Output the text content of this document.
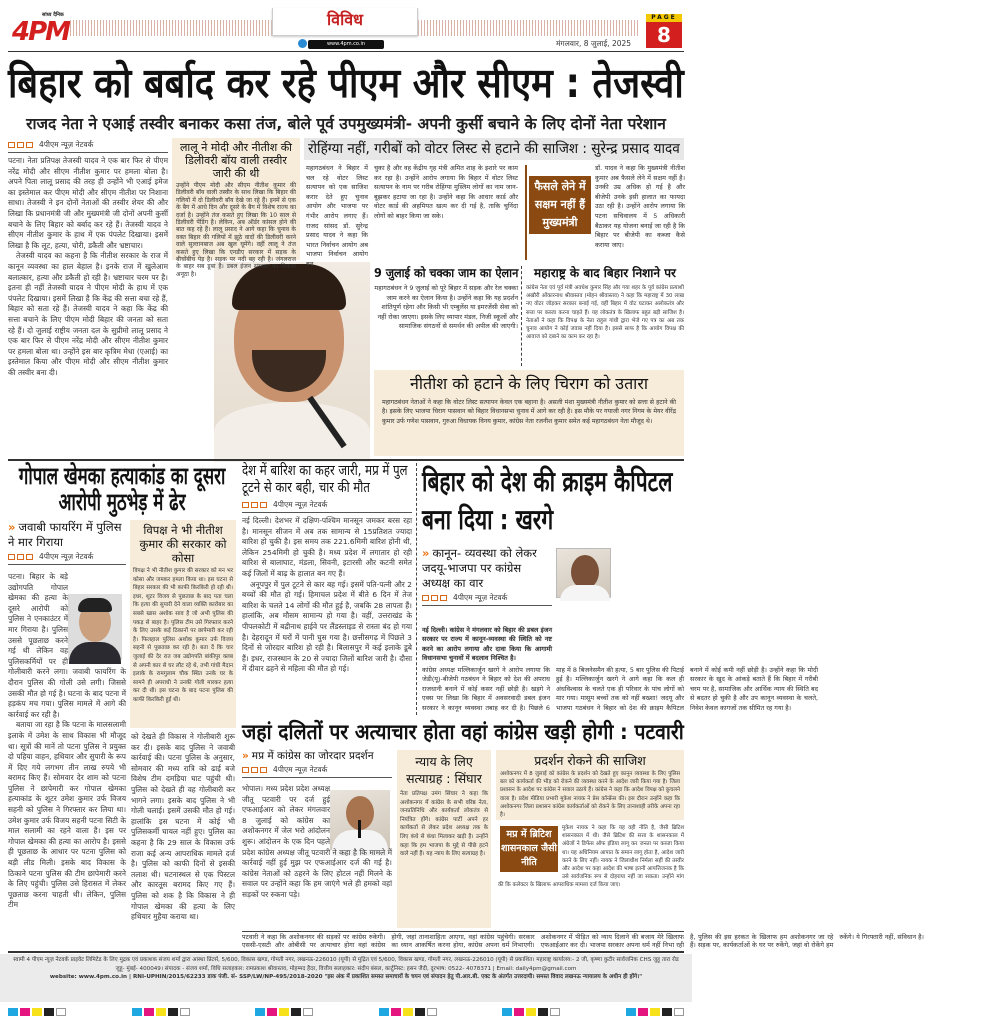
सांध्य दैनिक
4PM	विविध
www.4pm.co.in	मंगलवार, 8 जुलाई, 2025
PAGE
8
बिहार को बर्बाद कर रहे पीएम और सीएम : तेजस्वी
राजद नेता ने एआई तस्वीर बनाकर कसा तंज, बोले पूर्व उपमुख्यमंत्री- अपनी कुर्सी बचाने के लिए दोनों नेता परेशान
4पीएम न्यूज़ नेटवर्क

पटना। नेता प्रतिपक्ष तेजस्वी यादव ने एक बार फिर से पीएम नरेंद्र मोदी और सीएम नीतीश कुमार पर हमला बोला है। अपने पिता लालू प्रसाद की तरह ही उन्होंने भी एआई इमेज का इस्तेमाल कर पीएम मोदी और सीएम नीतीश पर निशाना साधा। तेजस्वी ने इन दोनों नेताओं की तस्वीर शेयर की और लिखा कि प्रधानमंत्री जी और मुख्यमंत्री जी दोनों अपनी कुर्सी बचाने के लिए बिहार को बर्बाद कर रहे हैं। तेजस्वी यादव ने सीएम नीतीश कुमार के हाथ में एक पंपलेट दिखाया। इसमें लिखा है कि लूट, हत्या, चोरी, डकैती और भ्रष्टाचार।

तेजस्वी यादव का कहना है कि नीतीश सरकार के राज में कानून व्यवस्था का हाल बेहाल है। इनके राज में खुलेआम बलात्कार, हत्या और डकैती हो रही है। भ्रष्टाचार चरम पर है। इतना ही नहीं तेजस्वी यादव ने पीएम मोदी के हाथ में एक पंपलेट दिखाया। इसमें लिखा है कि केंद्र की सत्ता बचा रहे हैं, बिहार को सता रहे हैं। तेजस्वी यादव ने कहा कि केंद्र की सत्ता बचाने के लिए पीएम मोदी बिहार की जनता को सता रहे हैं। दो जुलाई राष्ट्रीय जनता दल के सुप्रीमो लालू प्रसाद ने एक बार फिर से पीएम नरेंद्र मोदी और सीएम नीतीश कुमार पर हमला बोला था। उन्होंने इस बार कृत्रिम मेधा (एआई) का इस्तेमाल किया और पीएम मोदी और सीएम नीतीश कुमार की तस्वीर बना दी।

लालू ने मोदी और नीतीश की डिलीवरी बॉय वाली तस्वीर जारी की थी
उन्होंने पीएम मोदी और सीएम नीतीश कुमार की डिलीवरी बॉय वाली तस्वीर के साथ लिखा कि बिहार की गलियों में दो डिलीवरी बॉय देखे जा रहे हैं। इनमें से एक के बैग में आधे दिन और दूसरे के बैग में विशेष राज्य का दर्जा है। उन्होंने तंज कसते हुए लिखा कि 10 साल से डिलीवरी पेंडिंग है। लेकिन, अब ऑर्डर कांसल होने की बात कह रहे हैं। लालू प्रसाद ने आगे कहा कि चुनाव के वक्त बिहार की गलियों में झूठे वादों की डिलीवरी करने वाले सुल्तानबाज अब खुल घूमेंगे। वहीं लालू ने तंज कसते हुए लिखा कि एनडीए सरकार में सड़क के बीचोंबीच पेड़ है। सड़क पर नदी बह रही है। जंगलराज के बाहर सब डूबा है। डबल इंजन सरकार का विकास अनूठा है।
रोहिंग्या नहीं, गरीबों को वोटर लिस्ट से हटाने की साजिश : सुरेन्द्र प्रसाद यादव
महागठबंधन ने बिहार में चल रहे वोटर लिस्ट सत्यापन को एक साजिश करार देते हुए चुनाव आयोग और भाजपा पर गंभीर आरोप लगाए हैं। राजद सांसद डॉ. सुरेन्द्र प्रसाद यादव ने कहा कि भारत निर्वाचन आयोग अब भाजपा निर्वाचन आयोग बन
चुका है और वह केंद्रीय गृह मंत्री अमित शाह के इशारे पर काम कर रहा है। उन्होंने आरोप लगाया कि बिहार में वोटर लिस्ट सत्यापन के नाम पर गरीब रोहिंग्या मुस्लिम लोगों का नाम जान-बूझकर हटाया जा रहा है। उन्होंने कहा कि आधार कार्ड और वोटर कार्ड की अहमियत खत्म कर दी गई है, ताकि चुनिंदा लोगों को बाहर किया जा सके।
फैसले लेने में सक्षम नहीं हैं मुख्यमंत्री
डॉ. यादव ने कहा कि मुख्यमंत्री नीतीश कुमार अब फैसले लेने में सक्षम नहीं है। उनकी उम्र अधिक हो गई है और बीजेपी उनके इसी हालात का फायदा उठा रही है। उन्होंने आरोप लगाया कि पटना सचिवालय में 5 अधिकारी बैठाकर यह योजना बनाई जा रही है कि बिहार पर बीजेपी का कब्जा कैसे कराया जाए।
9 जुलाई को चक्का जाम का ऐलान
महागठबंधन ने 9 जुलाई को पूरे बिहार में सड़क और रेल चक्का जाम करने का ऐलान किया है। उन्होंने कहा कि यह प्रदर्शन शांतिपूर्ण रहेगा और किसी भी एम्बुलेंस या इमरजेंसी सेवा को नहीं रोका जाएगा। इसके लिए व्यापार मंडल, निजी स्कूलों और सामाजिक संगठनों से समर्थन की अपील की जाएगी।
महाराष्ट्र के बाद बिहार निशाने पर
कांग्रेस नेता एवं पूर्व मंत्री अवधेश कुमार सिंह और गया शहर के पूर्व कांग्रेस प्रत्याशी अखौरी ओंकारनाथ श्रीवास्तव (मोहन श्रीवास्तव) ने कहा कि महाराष्ट्र में 30 लाख नए वोटर जोड़कर सरकार बनाई गई, वहीं बिहार में वोट घटाकर अलोकतंत्र और सत्ता पर कब्जा करना चाहते हैं। यह लोकतंत्र के खिलाफ बहुत बड़ी साजिश है। नेताओं ने कहा कि विपक्ष के नेता राहुल गांधी द्वारा भेजे गए पत्र का अब तक चुनाव आयोग ने कोई जवाब नहीं दिया है। इससे साफ है कि आयोग विपक्ष की आवाज को दबाने का काम कर रहा है।
नीतीश को हटाने के लिए चिराग को उतारा
महागठबंधन नेताओं ने कहा कि वोटर लिस्ट सत्यापन केवल एक बहाना है। असली मंशा मुख्यमंत्री नीतीश कुमार को सत्ता से हटाने की है। इसके लिए भाजपा चिराग पासवान को बिहार विधानसभा चुनाव में आगे कर रही है। इस मौके पर गयाजी नगर निगम के मेयर वीरेंद्र कुमार उर्फ गणेश पासवान, गुरुआ विधायक विनय कुमार, कांग्रेस नेता रजनीश कुमार समेत कई महागठबंधन नेता मौजूद थे।
गोपाल खेमका हत्याकांड का दूसरा आरोपी मुठभेड़ में ढेर
» जवाबी फायरिंग में पुलिस ने मार गिराया
4पीएम न्यूज़ नेटवर्क

पटना। बिहार के बड़े उद्योगपति गोपाल खेमका की हत्या के दूसरे आरोपी को पुलिस ने एनकाउंटर में मार गिराया है। पुलिस उससे पूछताछ करने गई थी लेकिन वह पुलिसकर्मियों पर ही गोलीबारी करने लगा। जवाबी फायरिंग के दौरान पुलिस की गोली उसे लगी। जिससे उसकी मौत हो गई है। घटना के बाद पटना में हड़कंप मच गया। पुलिस मामले में आगे की कार्रवाई कर रही है।

बताया जा रहा है कि पटना के मालसलामी इलाके में उमेश के साथ विकास भी मौजूद था। सूत्रों की मानें तो पटना पुलिस ने प्रयुक्त दो पहिया वाहन, हथियार और सुपारी के रूप में दिए गये लगभग तीन लाख रुपये भी बरामद किए हैं। सोमवार देर शाम को पटना पुलिस ने छापेमारी कर गोपाल खेमका हत्याकांड के शूटर उमेश कुमार उर्फ विजय सहनी को पुलिस ने गिरफ्तार कर लिया था। उमेश कुमार उर्फ विजय सहनी पटना सिटी के माल सलामी का रहने वाला है। इस पर गोपाल खेमका की हत्या का आरोप है। इससे ही पूछताछ के आधार पर पटना पुलिस को बड़ी लीड मिली। इसके बाद विकास के ठिकाने पटना पुलिस की टीम छापेमारी करने के लिए पहुंची। पुलिस उसे हिरासत में लेकर पूछताछ करना चाहती थी। लेकिन, पुलिस टीम

विपक्ष ने भी नीतीश कुमार की सरकार को कोसा
विपक्ष ने भी नीतीश कुमार की सरकार को मन भर कोसा और जमकर हमला किया था। इस घटना से बिहार सरकार की भी काफी किरकिरी हो रही थी। इधर, शूटर विजय से पूछताछ के बाद पता चला कि हत्या की सुपारी देने वाला व्यक्ति कारोबार का सबसे खास अशोक साव है जो अभी पुलिस की पकड़ से बाहर है। पुलिस टीम उसे गिरफ्तार करने के लिए उसके कई ठिकानों पर छापेमारी कर रही है। फिलहाल पुलिस अशोक कुमार उर्फ विजय सहनी से पूछताछ कर रही है। बता दें कि चार जुलाई की देर रात जब उद्योगपति बांकीपुर क्लब से अपनी कार से घर लौट रहे थे, तभी गांधी मैदान इलाके के रामगुलाम चौक स्थित उनके घर के सामने ही अपराधी ने उनकी गोली मारकर हत्या कर दी थी। इस घटना के बाद पटना पुलिस की काफी किरकिरी हुई थी।
को देखते ही विकास ने गोलीबारी शुरू कर दी। इसके बाद पुलिस ने जवाबी कार्रवाई की। पटना पुलिस के अनुसार, सोमवार की मध्य रात्रि को ढाई बजे विशेष टीम दमड़िया घाट पहुंची थी। पुलिस को देखते ही वह गोलीबारी कर भागने लगा। इसके बाद पुलिस ने भी गोली चलाई। इसमें उसकी मौत हो गई। हालांकि इस घटना में कोई भी पुलिसकर्मी घायल नहीं हुए। पुलिस का कहना है कि 29 साल के विकास उर्फ राजा कई अन्य आपराधिक मामले दर्ज है। पुलिस को काफी दिनों से इसकी तलाश थी। घटनास्थल से एक पिस्टल और कारतूस बरामद किए गए हैं। पुलिस को शक है कि विकास ने ही गोपाल खेमका की हत्या के लिए हथियार मुहैया कराया था।
देश में बारिश का कहर जारी, मप्र में पुल टूटने से कार बही, चार की मौत
4पीएम न्यूज़ नेटवर्क

नई दिल्ली। देशभर में दक्षिण-पश्चिम मानसून जमकर बरस रहा है। मानसून सीजन में अब तक सामान्य से 15प्रतिशत ज्यादा बारिश हो चुकी है। इस समय तक 221.6मिमी बारिश होनी थी, लेकिन 254मिमी हो चुकी है। मध्य प्रदेश में लगातार हो रही बारिश से बालाघाट, मंडला, सिवनी, इटारसी और कटनी समेत कई जिलों में बाढ़ के हालात बन गए हैं।

अनूपपुर में पुल टूटने से कार बह गई। इसमें पति-पत्नी और 2 बच्चों की मौत हो गई। हिमाचल प्रदेश में बीते 6 दिन में तेज बारिश के चलते 14 लोगों की मौत हुई है, जबकि 28 लापता हैं। हालांकि, अब मौसम सामान्य हो गया है। वहीं, उत्तराखंड के पीपलकोटी में बद्रीनाथ हाईवे पर लैंडस्लाइड से रास्ता बंद हो गया है। देहरादून में घरों में पानी घुस गया है। छत्तीसगढ़ में पिछले 3 दिनों से जोरदार बारिश हो रही है। बिलासपुर में कई इलाके डूबे हैं। इधर, राजस्थान के 20 से ज्यादा जिलों बारिश जारी है। दौसा में दीवार ढहने से महिला की मौत हो गई।

बिहार को देश की क्राइम कैपिटल बना दिया : खरगे
» कानून- व्यवस्था को लेकर जदयू-भाजपा पर कांग्रेस अध्यक्ष का वार
4पीएम न्यूज़ नेटवर्क
नई दिल्ली। कांग्रेस ने मंगलवार को बिहार की डबल इंजन सरकार पर राज्य में कानून-व्यवस्था की स्थिति को नष्ट करने का आरोप लगाया और दावा किया कि आगामी विधानसभा चुनावों में बदलाव निश्चित है।
कांग्रेस अध्यक्ष मल्लिकार्जुन खरगे ने आरोप लगाया कि जेडी(यू)-बीजेपी गठबंधन ने बिहार को देश की अपराध राजधानी बनाने में कोई कसर नहीं छोड़ी है। खड़गे ने एक्स पर लिखा कि बिहार में अवसरवादी डबल इंजन सरकार ने कानून व्यवस्था तबाह कर दी है। पिछले 6 माह में 8 बिजनेसमैन की हत्या, 5 बार पुलिस की पिटाई हुई है। मल्लिकार्जुन खरगे ने आगे कहा कि कल ही अंधविश्वास के चलते एक ही परिवार के पांच लोगों को मार गया। मासूम बच्चों तक को नहीं बख्शा! जदयू और भाजपा गठबंधन ने बिहार को देश की क्राइम कैपिटल बनाने में कोई कमी नहीं छोड़ी है। उन्होंने कहा कि मोदी सरकार के खुद के आंकड़े बताते हैं कि बिहार में गरीबी चरम पर है, सामाजिक और आर्थिक न्याय की स्थिति बद से बदतर हो चुकी है और उप कानून व्यवस्था के चलते, निवेश केवल कागजों तक सीमित रह गया है।
जहां दलितों पर अत्याचार होता वहां कांग्रेस खड़ी होगी : पटवारी
» मप्र में कांग्रेस का जोरदार प्रदर्शन
4पीएम न्यूज़ नेटवर्क

भोपाल। मध्य प्रदेश प्रदेश अध्यक्ष जीतू पटवारी पर दर्ज हुई एफआईआर को लेकर मंगलवार 8 जुलाई को कांग्रेस का अशोकनगर में जेल भरो आंदोलन शुरू। आंदोलन के एक दिन पहले प्रदेश कांग्रेस अध्यक्ष जीतू पटवारी ने कहा है कि मामले में कार्रवाई नहीं हुई मुझ पर एफआईआर दर्ज की गई है। कांग्रेस नेताओं को ठहरने के लिए होटल नहीं मिलने के सवाल पर उन्होंने कहा कि हम जाएंगे भले ही हमको वहां सड़कों पर रुकना पड़े।

न्याय के लिए सत्याग्रह : सिंघार
नेता प्रतिपक्ष उमंग सिंघार ने कहा कि अशोकनगर में कांग्रेस के सभी वरिष्ठ नेता, जनप्रतिनिधि और कार्यकर्ता लोकतंत्र से नियंत्रित होंगे। कांग्रेस पार्टी अपने हर कार्यकर्ता से लेकर प्रदेश अध्यक्ष तक के लिए कंधे से कंधा मिलाकर खड़ी है। उन्होंने कहा कि हम भाजपा के मुद्दे से पीछे हटने वाले नहीं हैं। यह न्याय के लिए सत्याग्रह है।
प्रदर्शन रोकने की साजिश
अशोकनगर में 8 जुलाई को कांग्रेस के प्रदर्शन को देखते हुए कानून व्यवस्था के लिए पुलिस बल को कार्यकर्ता की भीड़ को रोकने की व्यवस्था करने के आदेश जारी किया गया है। जिला प्रशासन के आदेश पर कांग्रेस ने सवाल उठाये हैं। कांग्रेस ने कहा कि आदेश विपक्ष को कुचलने वाला है। प्रदेश मीडिया प्रभारी मुकेश नायक ने प्रेस कॉन्फ्रेंस की। इस दौरान उन्होंने कहा कि अशोकनगर जिला प्रशासन कांग्रेस कार्यकर्ताओं को रोकने के लिए तानाशाही तरीके अपना रहा है।
मप्र में ब्रिटिश शासनकाल जैसी नीति
मुकेश नायक ने कहा कि यह वही नीति है, जैसी ब्रिटिश शासनकाल में थी। जैसे ब्रिटिश की सत्ता के शासनकाल में अंग्रेजों ने डिफेंस ऑफ इंडिया लागू कर जनता पर कब्जा किया था। यह अधिनियम आपात के समान लागू होता है, आदेश जारी करने के लिए नहीं। नायक ने जिलाधीश निर्मला सहीं की तस्वीर और आदेश पर कहा आदेश की भाषा इतनी आपत्तिजनक है कि उसे सार्वजनिक रूप से दोहराया नहीं जा सकता। उन्होंने मांग की कि कलेक्टर के खिलाफ आपराधिक मामला दर्ज किया जाए।
पटवारी ने कहा कि अशोकनगर की सड़कों पर कांग्रेस रुकेगी। एससी-एसटी और ओबीसी पर अत्याचार होगा वहां कांग्रेस होगी, जहां तानाशाहिता आएगा, वहां कांग्रेस पहुंचेगी। सरकार का ध्यान आकर्षित करना होगा, कांग्रेस अपना धर्म निभाएगी। अशोकनगर में पीड़ित को न्याय दिलाने की बजाय मेरे खिलाफ एफआईआर कर दी। भाजपा सरकार अपना धर्म नहीं निभा रही है, पुलिस की इस हरकत के खिलाफ हम अशोकनगर जा रहे हैं। सड़क पर, कार्यकर्ताओं के घर पर रुकेंगे, जहां वो रोकेंगे हम रुकेंगे। ये गिरफ्तारी नहीं, संविधान है।
स्वामी 4 पीएम न्यूज़ नेटवर्क प्राइवेट लिमिटेड के लिए मुद्रक एवं प्रकाशक संजय शर्मा द्वारा आस्था प्रिंटर्स, 5/600, विकास खण्ड, गोमती नगर, लखनऊ-226010 (यूपी) से मुद्रित एवं 5/600, विकास खण्ड, गोमती नगर, लखनऊ-226010 (यूपी) से प्रकाशित। महाराष्ट्र कार्यालय:- 2 जी, कृष्णा कुटीर सार्वजनिक CHS जुहू तारा रोड जुहू- मुंबई- 400049। संपादक - संजय शर्मा, विधि सलाहकार: रामप्रकाश श्रीवास्तव, मोहम्मद हैदर, वित्तीय सलाहकार: संदीप बंसल, कार्टूनिस्ट: हसन जैदी, दूरभाष: 0522- 4078371 | Email: daily4pm@gmail.com
website: www.4pm.co.in | RNI-UPHIN/2015/62233 डाक पंजी. सं- SSP/LW/NP-495/2018-2020 "इस अंक में प्रकाशित समस्त समाचारों के चयन एवं संपादन हेतु पी.आर.बी. एक्ट के अंतर्गत उत्तरदायी। समस्त विवाद लखनऊ न्यायालय के अधीन ही होंगे।"
